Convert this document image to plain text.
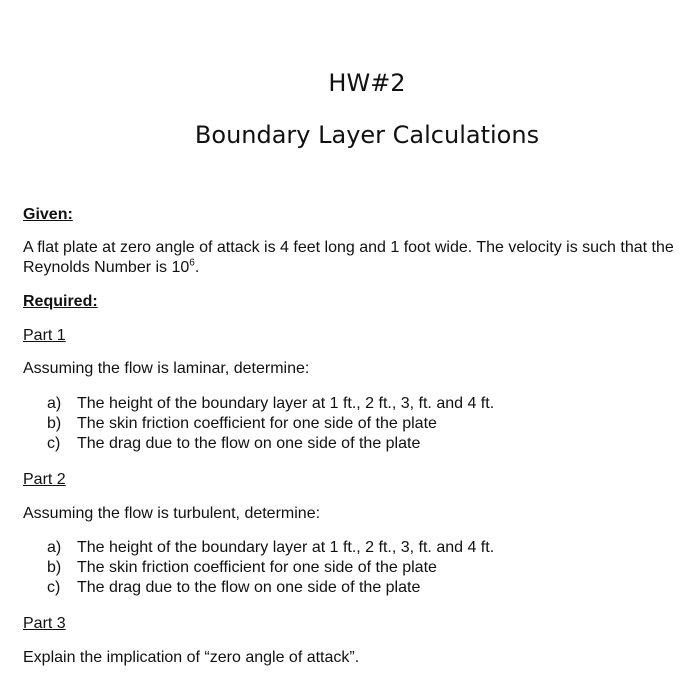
HW#2
Boundary Layer Calculations
Given:
A flat plate at zero angle of attack is 4 feet long and 1 foot wide. The velocity is such that the Reynolds Number is $10^6$.
Required:
Part 1
Assuming the flow is laminar, determine:
a) The height of the boundary layer at 1 ft., 2 ft., 3, ft. and 4 ft.
b) The skin friction coefficient for one side of the plate
c) The drag due to the flow on one side of the plate
Part 2
Assuming the flow is turbulent, determine:
a) The height of the boundary layer at 1 ft., 2 ft., 3, ft. and 4 ft.
b) The skin friction coefficient for one side of the plate
c) The drag due to the flow on one side of the plate
Part 3
Explain the implication of “zero angle of attack”.
